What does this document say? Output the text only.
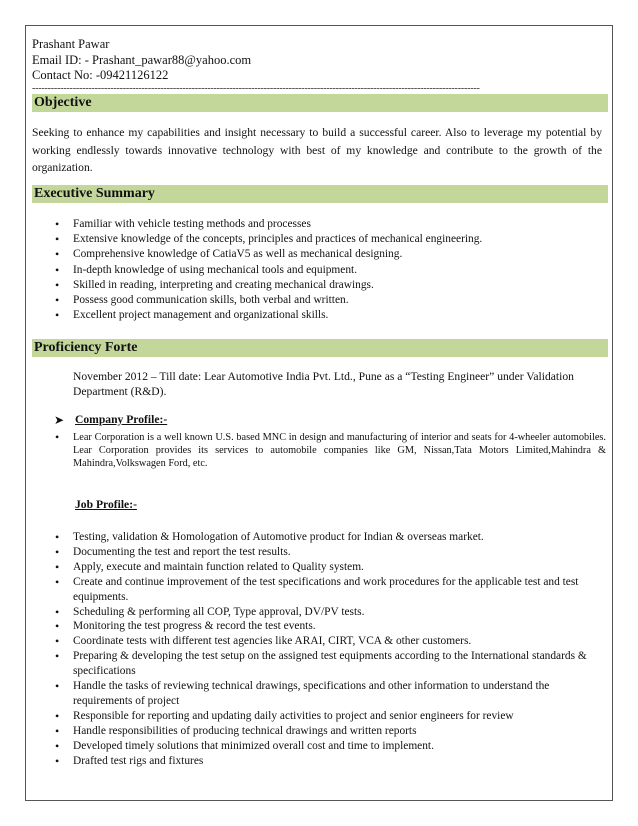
Prashant Pawar
Email ID: - Prashant_pawar88@yahoo.com
Contact No: -09421126122
-----------------------------------------------------------------------------------------------------------------------------------------------
Objective
Seeking to enhance my capabilities and insight necessary to build a successful career. Also to leverage my potential by working endlessly towards innovative technology with best of my knowledge and contribute to the growth of the organization.
Executive Summary
• Familiar with vehicle testing methods and processes
• Extensive knowledge of the concepts, principles and practices of mechanical engineering.
• Comprehensive knowledge of CatiaV5 as well as mechanical designing.
• In-depth knowledge of using mechanical tools and equipment.
• Skilled in reading, interpreting and creating mechanical drawings.
• Possess good communication skills, both verbal and written.
• Excellent project management and organizational skills.
Proficiency Forte
November 2012 – Till date: Lear Automotive India Pvt. Ltd., Pune as a “Testing Engineer” under Validation Department (R&D).
➤ Company Profile:-
• Lear Corporation is a well known U.S. based MNC in design and manufacturing of interior and seats for 4-wheeler automobiles. Lear Corporation provides its services to automobile companies like GM, Nissan,Tata Motors Limited,Mahindra & Mahindra,Volkswagen Ford, etc.
Job Profile:-
• Testing, validation & Homologation of Automotive product for Indian & overseas market.
• Documenting the test and report the test results.
• Apply, execute and maintain function related to Quality system.
• Create and continue improvement of the test specifications and work procedures for the applicable test and test equipments.
• Scheduling & performing all COP, Type approval, DV/PV tests.
• Monitoring the test progress & record the test events.
• Coordinate tests with different test agencies like ARAI, CIRT, VCA & other customers.
• Preparing & developing the test setup on the assigned test equipments according to the International standards & specifications
• Handle the tasks of reviewing technical drawings, specifications and other information to understand the requirements of project
• Responsible for reporting and updating daily activities to project and senior engineers for review
• Handle responsibilities of producing technical drawings and written reports
• Developed timely solutions that minimized overall cost and time to implement.
• Drafted test rigs and fixtures
